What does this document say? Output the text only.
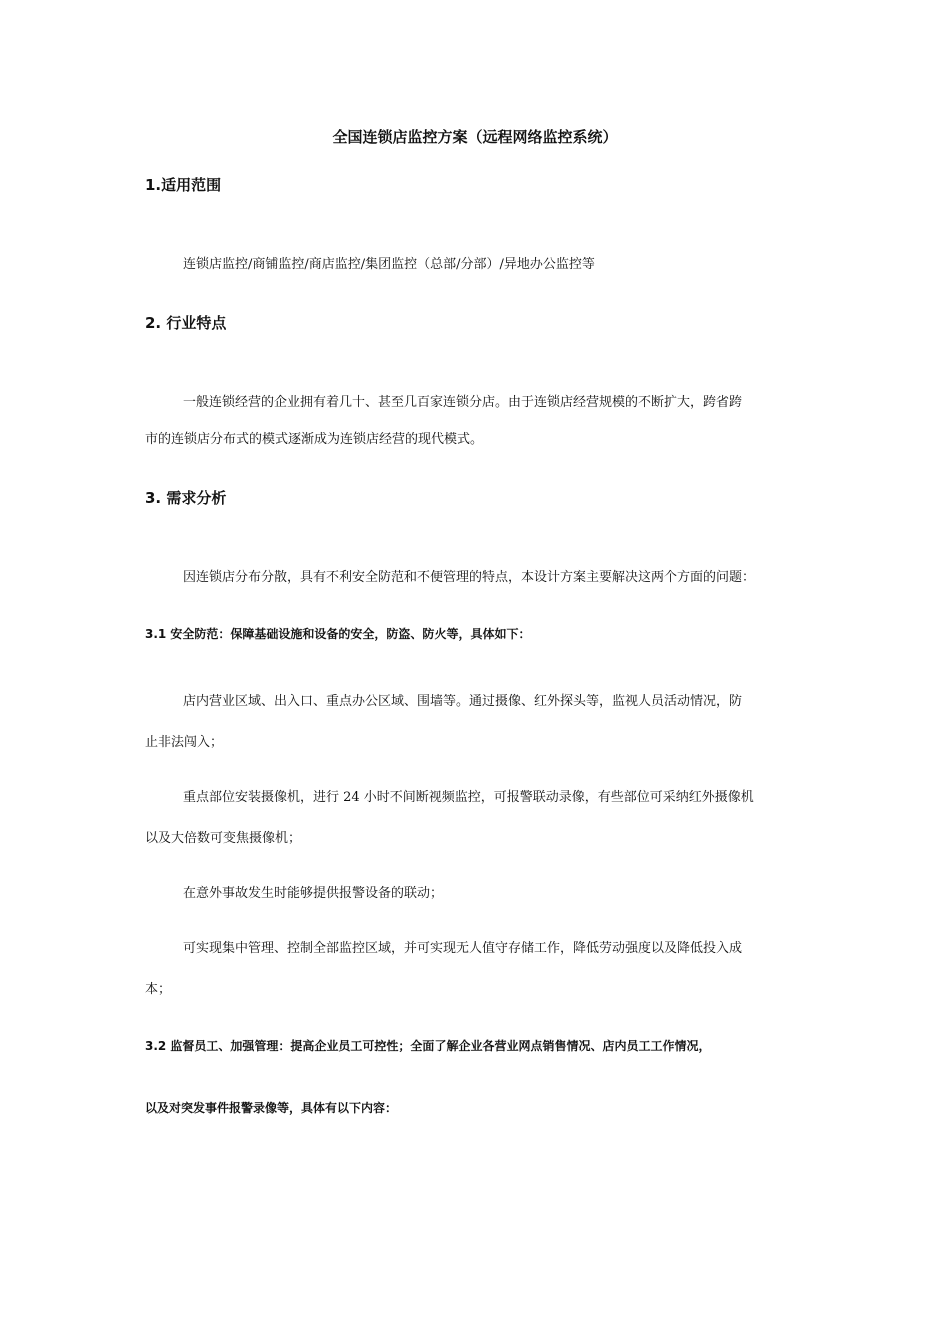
全国连锁店监控方案（远程网络监控系统）
1.适用范围
连锁店监控/商铺监控/商店监控/集团监控（总部/分部）/异地办公监控等
2. 行业特点
一般连锁经营的企业拥有着几十、甚至几百家连锁分店。由于连锁店经营规模的不断扩大，跨省跨
市的连锁店分布式的模式逐渐成为连锁店经营的现代模式。
3. 需求分析
因连锁店分布分散，具有不利安全防范和不便管理的特点，本设计方案主要解决这两个方面的问题：
3.1 安全防范：保障基础设施和设备的安全，防盗、防火等，具体如下：
店内营业区域、出入口、重点办公区域、围墙等。通过摄像、红外探头等，监视人员活动情况，防
止非法闯入；
重点部位安装摄像机，进行 24 小时不间断视频监控，可报警联动录像，有些部位可采纳红外摄像机
以及大倍数可变焦摄像机；
在意外事故发生时能够提供报警设备的联动；
可实现集中管理、控制全部监控区域，并可实现无人值守存储工作，降低劳动强度以及降低投入成
本；
3.2 监督员工、加强管理：提高企业员工可控性；全面了解企业各营业网点销售情况、店内员工工作情况，
以及对突发事件报警录像等，具体有以下内容：
